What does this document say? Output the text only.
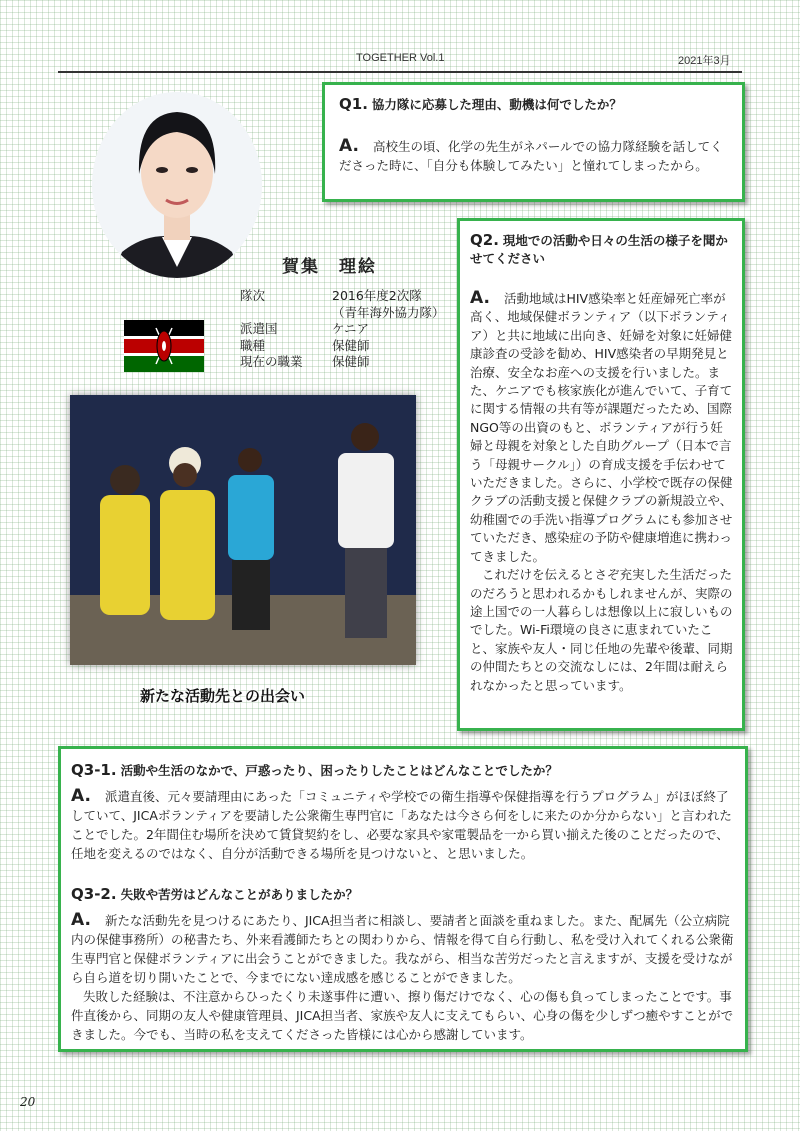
TOGETHER Vol.1	2021年3月
賀集　理絵
隊次	2016年度2次隊
	（青年海外協力隊）
派遣国	ケニア
職種	保健師
現在の職業	保健師
新たな活動先との出会い
Q1. 協力隊に応募した理由、動機は何でしたか？
A. 高校生の頃、化学の先生がネパールでの協力隊経験を話してくださった時に、「自分も体験してみたい」と憧れてしまったから。
Q2. 現地での活動や日々の生活の様子を聞かせてください
A. 活動地域はHIV感染率と妊産婦死亡率が高く、地域保健ボランティア（以下ボランティア）と共に地域に出向き、妊婦を対象に妊婦健康診査の受診を勧め、HIV感染者の早期発見と治療、安全なお産への支援を行いました。また、ケニアでも核家族化が進んでいて、子育てに関する情報の共有等が課題だったため、国際NGO等の出資のもと、ボランティアが行う妊婦と母親を対象とした自助グループ（日本で言う「母親サークル」）の育成支援を手伝わせていただきました。さらに、小学校で既存の保健クラブの活動支援と保健クラブの新規設立や、幼稚園での手洗い指導プログラムにも参加させていただき、感染症の予防や健康増進に携わってきました。
これだけを伝えるとさぞ充実した生活だったのだろうと思われるかもしれませんが、実際の途上国での一人暮らしは想像以上に寂しいものでした。Wi-Fi環境の良さに恵まれていたこと、家族や友人・同じ任地の先輩や後輩、同期の仲間たちとの交流なしには、2年間は耐えられなかったと思っています。
Q3-1. 活動や生活のなかで、戸惑ったり、困ったりしたことはどんなことでしたか？
A. 派遣直後、元々要請理由にあった「コミュニティや学校での衛生指導や保健指導を行うプログラム」がほぼ終了していて、JICAボランティアを要請した公衆衛生専門官に「あなたは今さら何をしに来たのか分からない」と言われたことでした。2年間住む場所を決めて賃貸契約をし、必要な家具や家電製品を一から買い揃えた後のことだったので、任地を変えるのではなく、自分が活動できる場所を見つけないと、と思いました。
Q3-2. 失敗や苦労はどんなことがありましたか？
A. 新たな活動先を見つけるにあたり、JICA担当者に相談し、要請者と面談を重ねました。また、配属先（公立病院内の保健事務所）の秘書たち、外来看護師たちとの関わりから、情報を得て自ら行動し、私を受け入れてくれる公衆衛生専門官と保健ボランティアに出会うことができました。我ながら、相当な苦労だったと言えますが、支援を受けながら自ら道を切り開いたことで、今までにない達成感を感じることができました。
失敗した経験は、不注意からひったくり未遂事件に遭い、擦り傷だけでなく、心の傷も負ってしまったことです。事件直後から、同期の友人や健康管理員、JICA担当者、家族や友人に支えてもらい、心身の傷を少しずつ癒やすことができました。今でも、当時の私を支えてくださった皆様には心から感謝しています。
20
